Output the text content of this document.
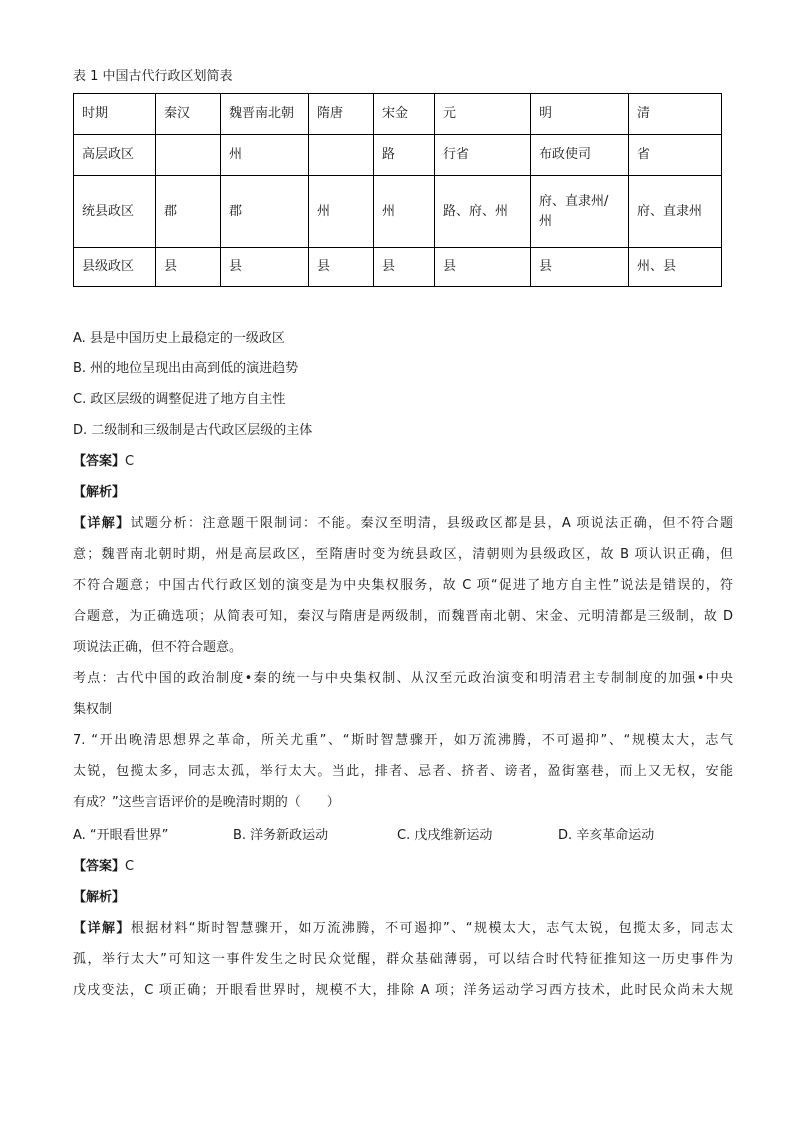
表 1 中国古代行政区划简表
时期	秦汉	魏晋南北朝	隋唐	宋金	元	明	清
高层政区		州		路	行省	布政使司	省
统县政区	郡	郡	州	州	路、府、州	府、直隶州/州	府、直隶州
县级政区	县	县	县	县	县	县	州、县
A. 县是中国历史上最稳定的一级政区
B. 州的地位呈现出由高到低的演进趋势
C. 政区层级的调整促进了地方自主性
D. 二级制和三级制是古代政区层级的主体
【答案】C
【解析】
【详解】试题分析：注意题干限制词：不能。秦汉至明清，县级政区都是县，A 项说法正确，但不符合题
意；魏晋南北朝时期，州是高层政区，至隋唐时变为统县政区，清朝则为县级政区，故 B 项认识正确，但
不符合题意；中国古代行政区划的演变是为中央集权服务，故 C 项“促进了地方自主性”说法是错误的，符
合题意，为正确选项；从简表可知，秦汉与隋唐是两级制，而魏晋南北朝、宋金、元明清都是三级制，故 D
项说法正确，但不符合题意。
考点：古代中国的政治制度•秦的统一与中央集权制、从汉至元政治演变和明清君主专制制度的加强•中央
集权制
7. “开出晚清思想界之革命，所关尤重”、“斯时智慧骤开，如万流沸腾，不可遏抑”、“规模太大，志气
太锐，包揽太多，同志太孤，举行太大。当此，排者、忌者、挤者、谤者，盈街塞巷，而上又无权，安能
有成？”这些言语评价的是晚清时期的（　　）
A. “开眼看世界”	B. 洋务新政运动	C. 戊戌维新运动	D. 辛亥革命运动
【答案】C
【解析】
【详解】根据材料“斯时智慧骤开，如万流沸腾，不可遏抑”、“规模太大，志气太锐，包揽太多，同志太
孤，举行太大”可知这一事件发生之时民众觉醒，群众基础薄弱，可以结合时代特征推知这一历史事件为
戊戌变法，C 项正确；开眼看世界时，规模不大，排除 A 项；洋务运动学习西方技术，此时民众尚未大规
